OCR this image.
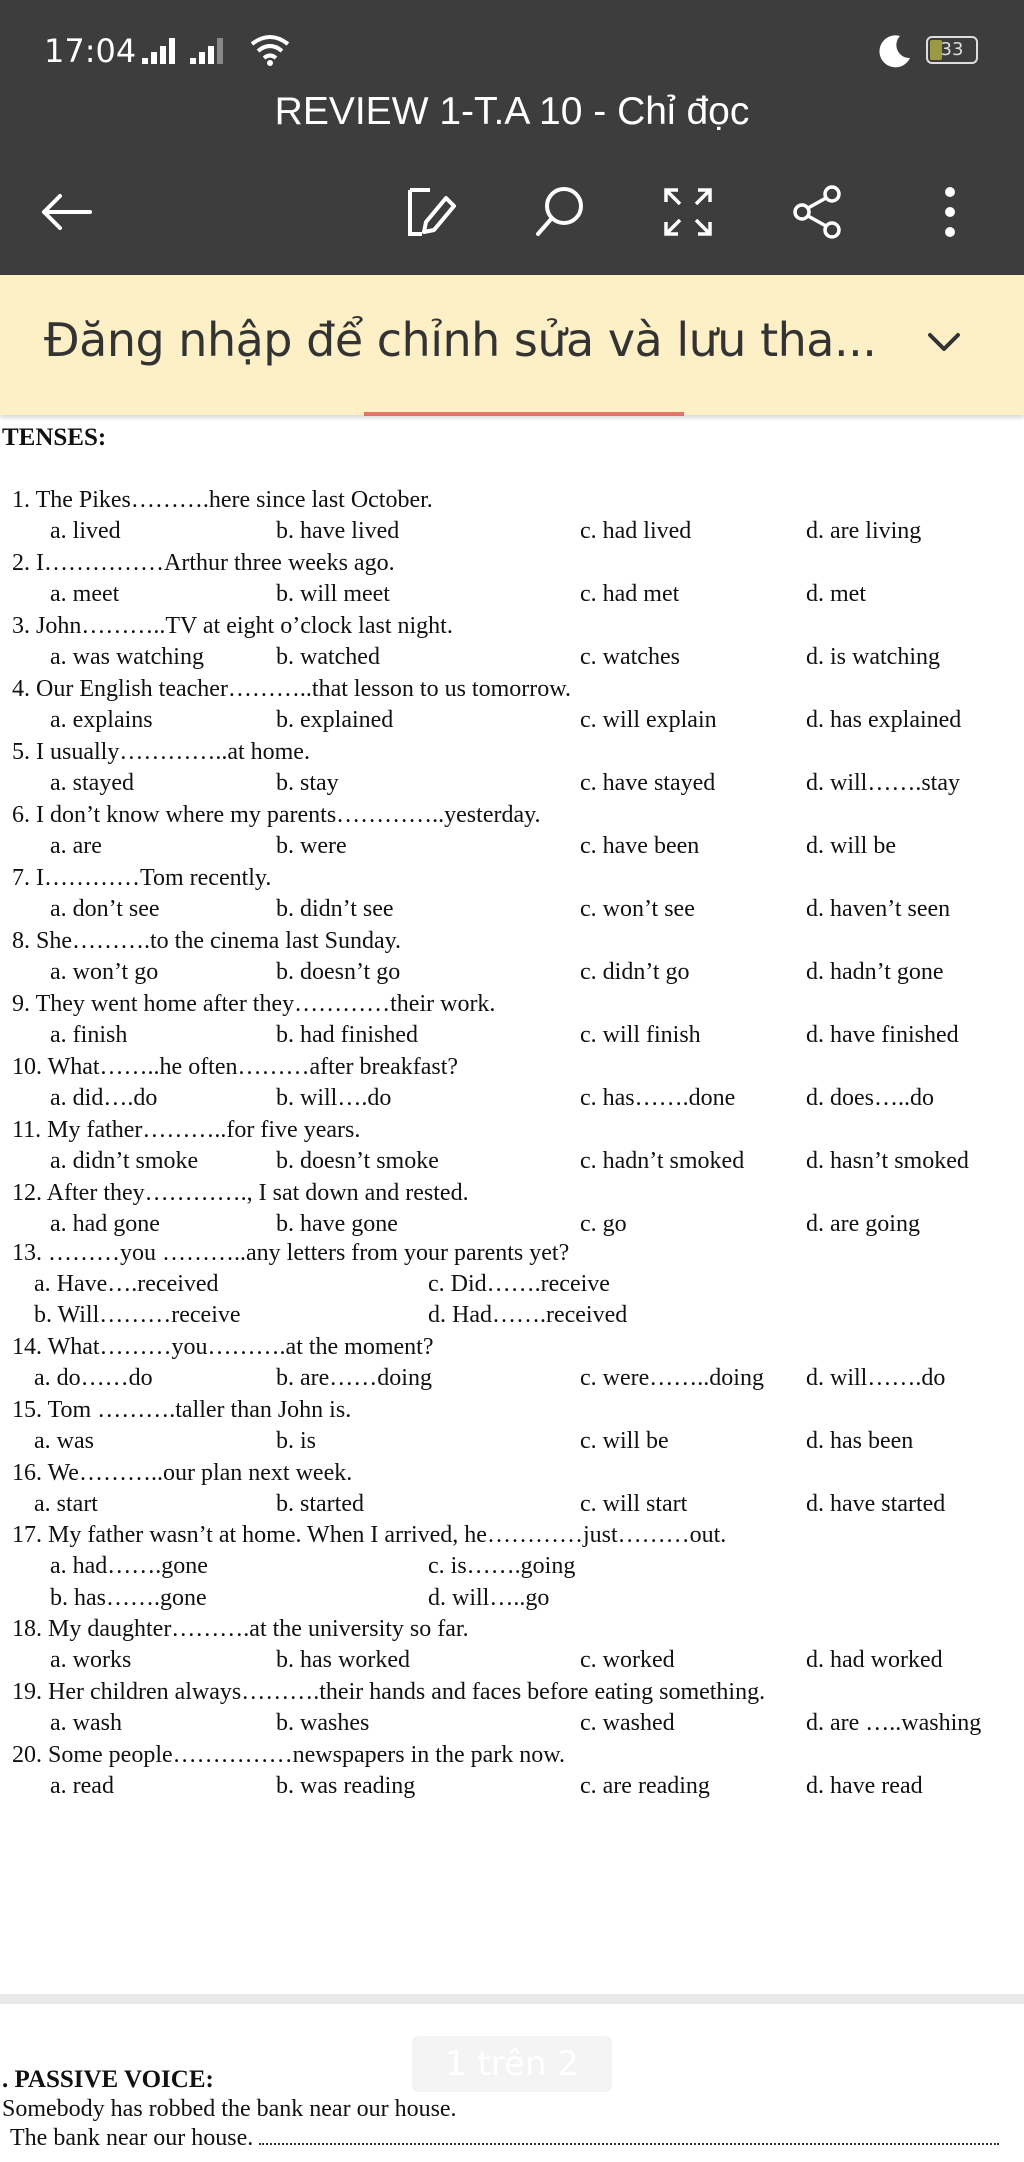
17:04	33
REVIEW 1-T.A 10 - Chỉ đọc
Đăng nhập để chỉnh sửa và lưu tha...
TENSES:
1. The Pikes……….here since last October.
a. lived	b. have lived	c. had lived	d. are living
2. I……………Arthur three weeks ago.
a. meet	b. will meet	c. had met	d. met
3. John………..TV at eight o’clock last night.
a. was watching	b. watched	c. watches	d. is watching
4. Our English teacher………..that lesson to us tomorrow.
a. explains	b. explained	c. will explain	d. has explained
5. I usually…………..at home.
a. stayed	b. stay	c. have stayed	d. will…….stay
6. I don’t know where my parents…………..yesterday.
a. are	b. were	c. have been	d. will be
7. I…………Tom recently.
a. don’t see	b. didn’t see	c. won’t see	d. haven’t seen
8. She……….to the cinema last Sunday.
a. won’t go	b. doesn’t go	c. didn’t go	d. hadn’t gone
9. They went home after they…………their work.
a. finish	b. had finished	c. will finish	d. have finished
10. What……..he often………after breakfast?
a. did….do	b. will….do	c. has…….done	d. does…..do
11. My father………..for five years.
a. didn’t smoke	b. doesn’t smoke	c. hadn’t smoked	d. hasn’t smoked
12. After they…………., I sat down and rested.
a. had gone	b. have gone	c. go	d. are going
13. ………you ………..any letters from your parents yet?
a. Have….received	c. Did…….receive
b. Will………receive	d. Had…….received
14. What………you……….at the moment?
a. do……do	b. are……doing	c. were……..doing d. will…….do
15. Tom ……….taller than John is.
a. was	b. is	c. will be	d. has been
16. We………..our plan next week.
a. start	b. started	c. will start	d. have started
17. My father wasn’t at home. When I arrived, he…………just………out.
a. had…….gone	c. is…….going
b. has…….gone	d. will…..go
18. My daughter……….at the university so far.
a. works	b. has worked	c. worked	d. had worked
19. Her children always……….their hands and faces before eating something.
a. wash	b. washes	c. washed	d. are …..washing
20. Some people……………newspapers in the park now.
a. read	b. was reading	c. are reading	d. have read
1 trên 2
. PASSIVE VOICE:
Somebody has robbed the bank near our house.
The bank near our house.
